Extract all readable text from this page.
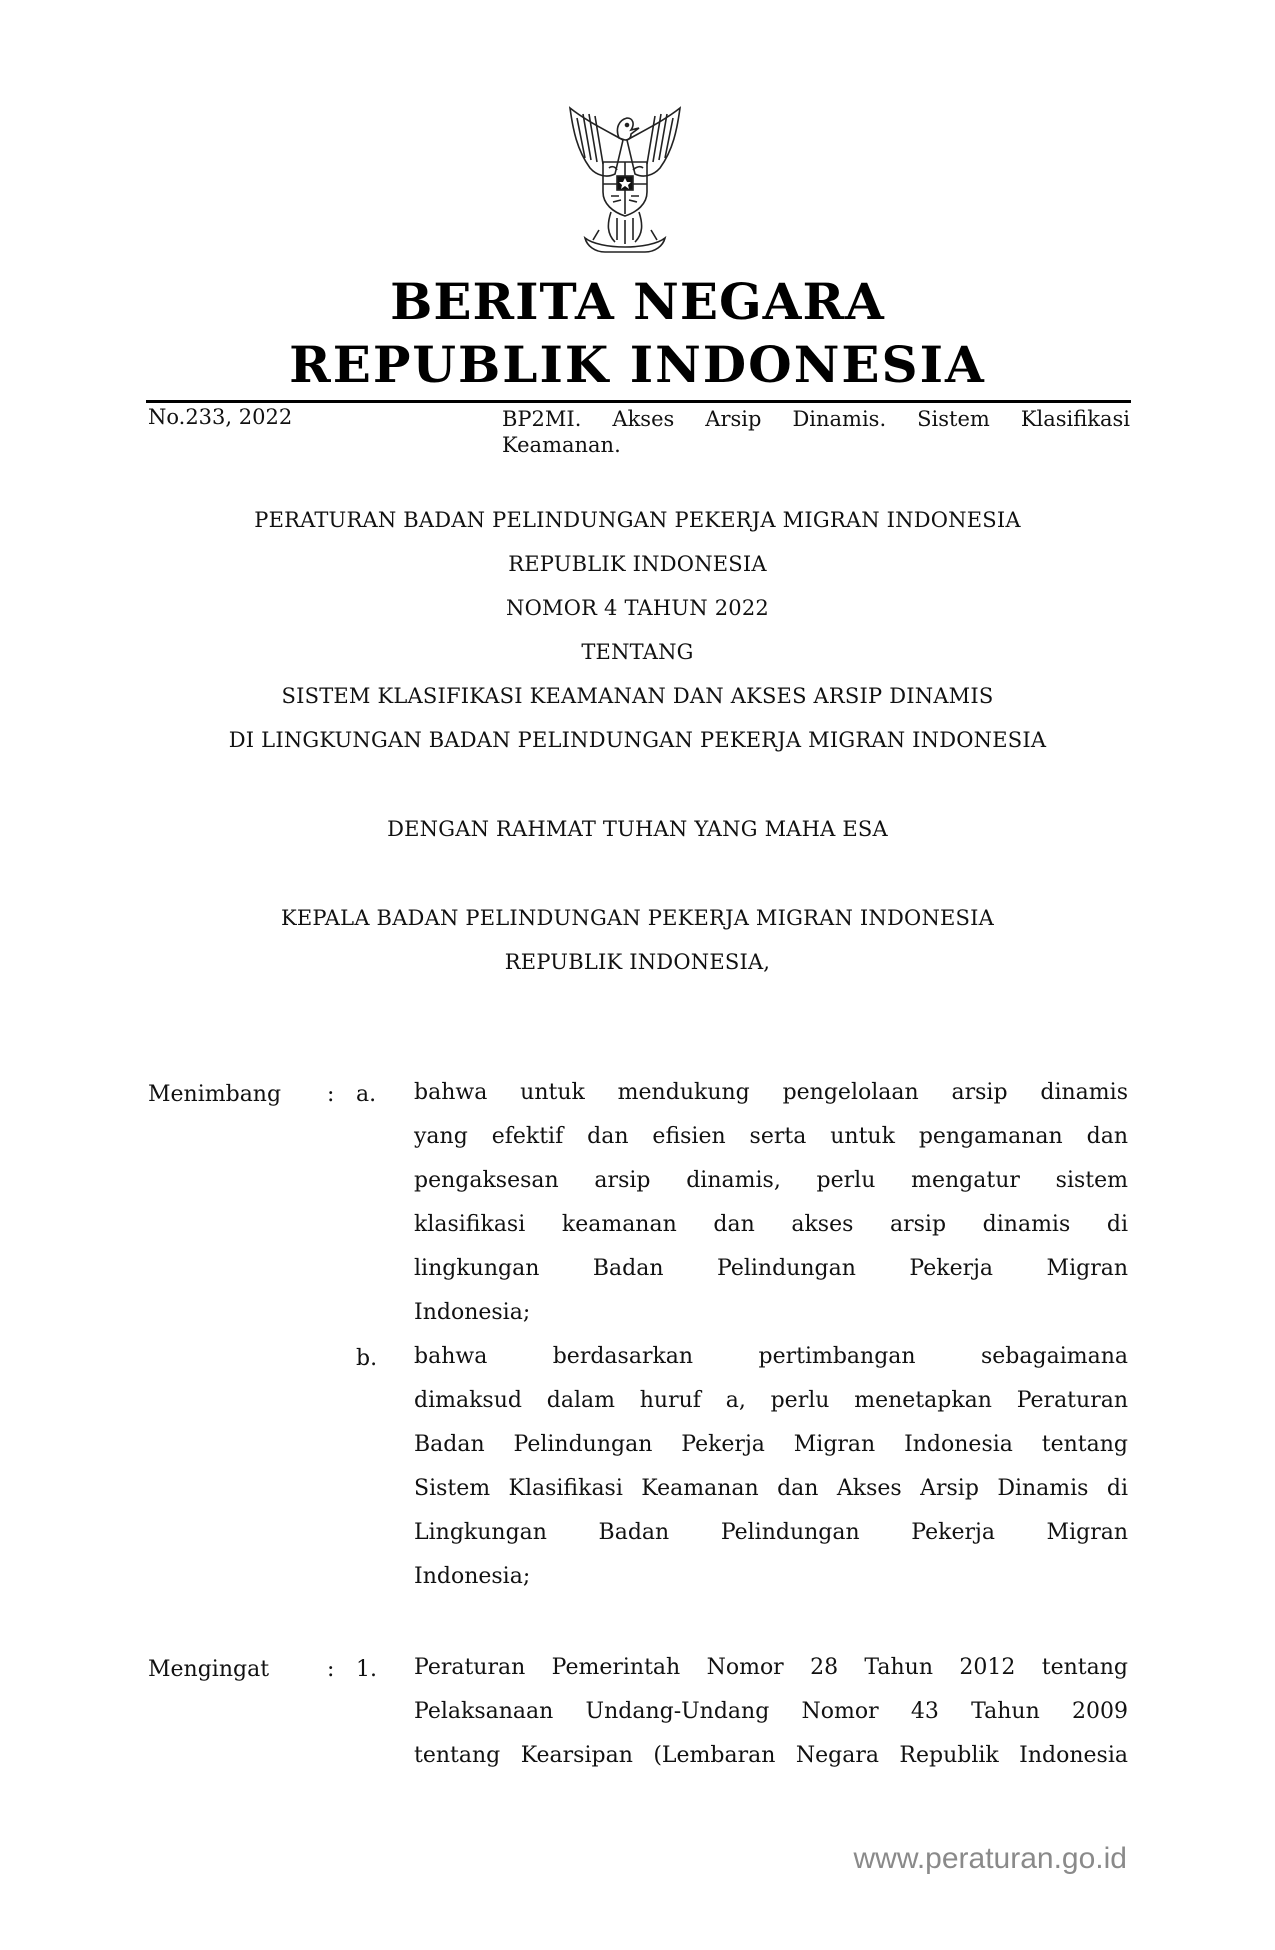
BERITA NEGARA
REPUBLIK INDONESIA
No.233, 2022	BP2MI. Akses Arsip Dinamis. Sistem Klasifikasi
Keamanan.
PERATURAN BADAN PELINDUNGAN PEKERJA MIGRAN INDONESIA
REPUBLIK INDONESIA
NOMOR 4 TAHUN 2022
TENTANG
SISTEM KLASIFIKASI KEAMANAN DAN AKSES ARSIP DINAMIS
DI LINGKUNGAN BADAN PELINDUNGAN PEKERJA MIGRAN INDONESIA
DENGAN RAHMAT TUHAN YANG MAHA ESA
KEPALA BADAN PELINDUNGAN PEKERJA MIGRAN INDONESIA
REPUBLIK INDONESIA,
Menimbang : a. bahwa untuk mendukung pengelolaan arsip dinamis
yang efektif dan efisien serta untuk pengamanan dan
pengaksesan arsip dinamis, perlu mengatur sistem
klasifikasi keamanan dan akses arsip dinamis di
lingkungan Badan Pelindungan Pekerja Migran
Indonesia;
b. bahwa berdasarkan pertimbangan sebagaimana
dimaksud dalam huruf a, perlu menetapkan Peraturan
Badan Pelindungan Pekerja Migran Indonesia tentang
Sistem Klasifikasi Keamanan dan Akses Arsip Dinamis di
Lingkungan Badan Pelindungan Pekerja Migran
Indonesia;
Mengingat	: 1. Peraturan Pemerintah Nomor 28 Tahun 2012 tentang
Pelaksanaan Undang-Undang Nomor 43 Tahun 2009
tentang Kearsipan (Lembaran Negara Republik Indonesia
www.peraturan.go.id
